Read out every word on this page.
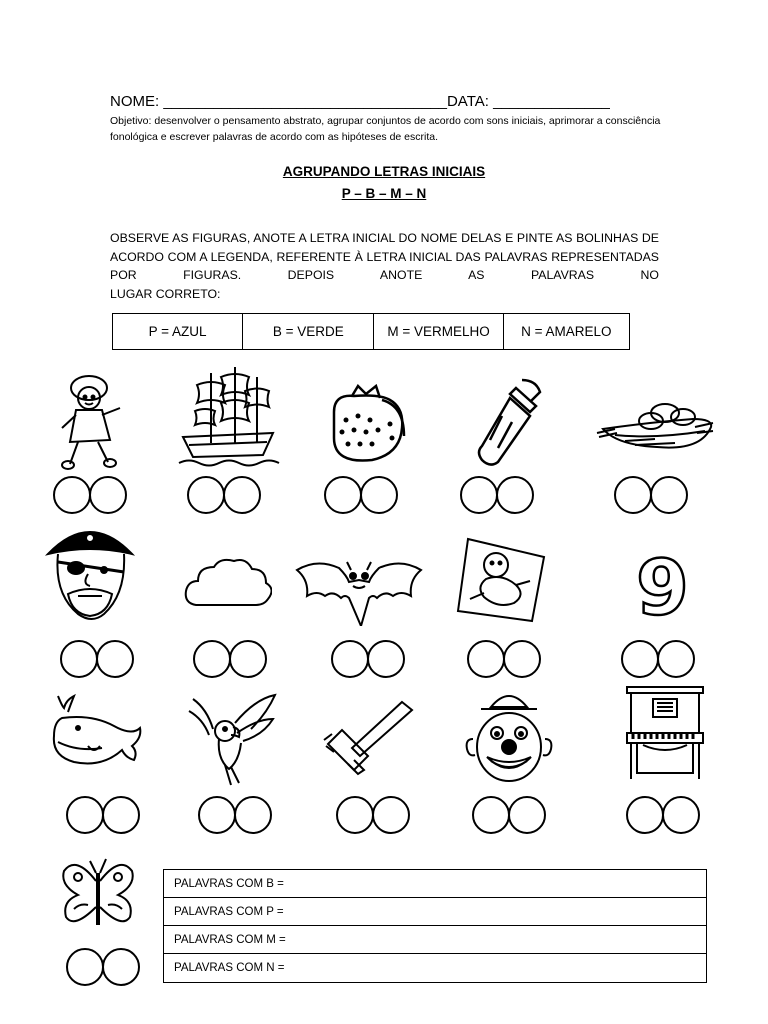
NOME: __________________________________DATA: ______________
Objetivo: desenvolver o pensamento abstrato, agrupar conjuntos de acordo com sons iniciais, aprimorar a consciência fonológica e escrever palavras de acordo com as hipóteses de escrita.
AGRUPANDO LETRAS INICIAIS
P – B – M – N
OBSERVE AS FIGURAS, ANOTE A LETRA INICIAL DO NOME DELAS E PINTE AS BOLINHAS DE ACORDO COM A LEGENDA, REFERENTE À LETRA INICIAL DAS PALAVRAS REPRESENTADAS POR FIGURAS. DEPOIS ANOTE AS PALAVRAS NO
LUGAR CORRETO:
P = AZUL	B = VERDE	M = VERMELHO	N = AMARELO
9
PALAVRAS COM B =
PALAVRAS COM P =
PALAVRAS COM M =
PALAVRAS COM N =
